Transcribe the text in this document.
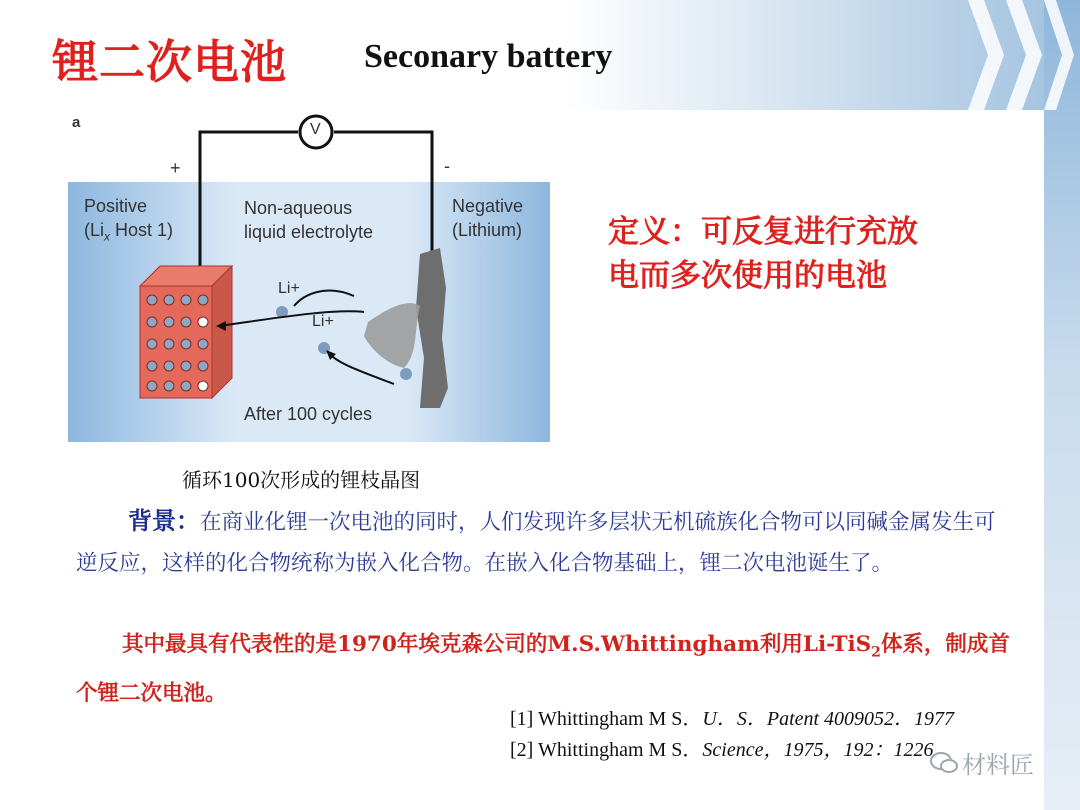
锂二次电池 Seconary battery
a	V
+	-
Positive
($Li_x$ Host 1)
Non-aqueous
liquid electrolyte
Negative
(Lithium)
Li+
Li+
After 100 cycles
定义：可反复进行充放
电而多次使用的电池
循环100次形成的锂枝晶图
背景：在商业化锂一次电池的同时，人们发现许多层状无机硫族化合物可以同碱金属发生可逆反应，这样的化合物统称为嵌入化合物。在嵌入化合物基础上，锂二次电池诞生了。
其中最具有代表性的是1970年埃克森公司的M.S.Whittingham利用Li-TiS$_2$体系，制成首个锂二次电池。
[1] Whittingham M S．U．S．Patent 4009052．1977
[2] Whittingham M S．Science，1975，192：1226
材料匠
